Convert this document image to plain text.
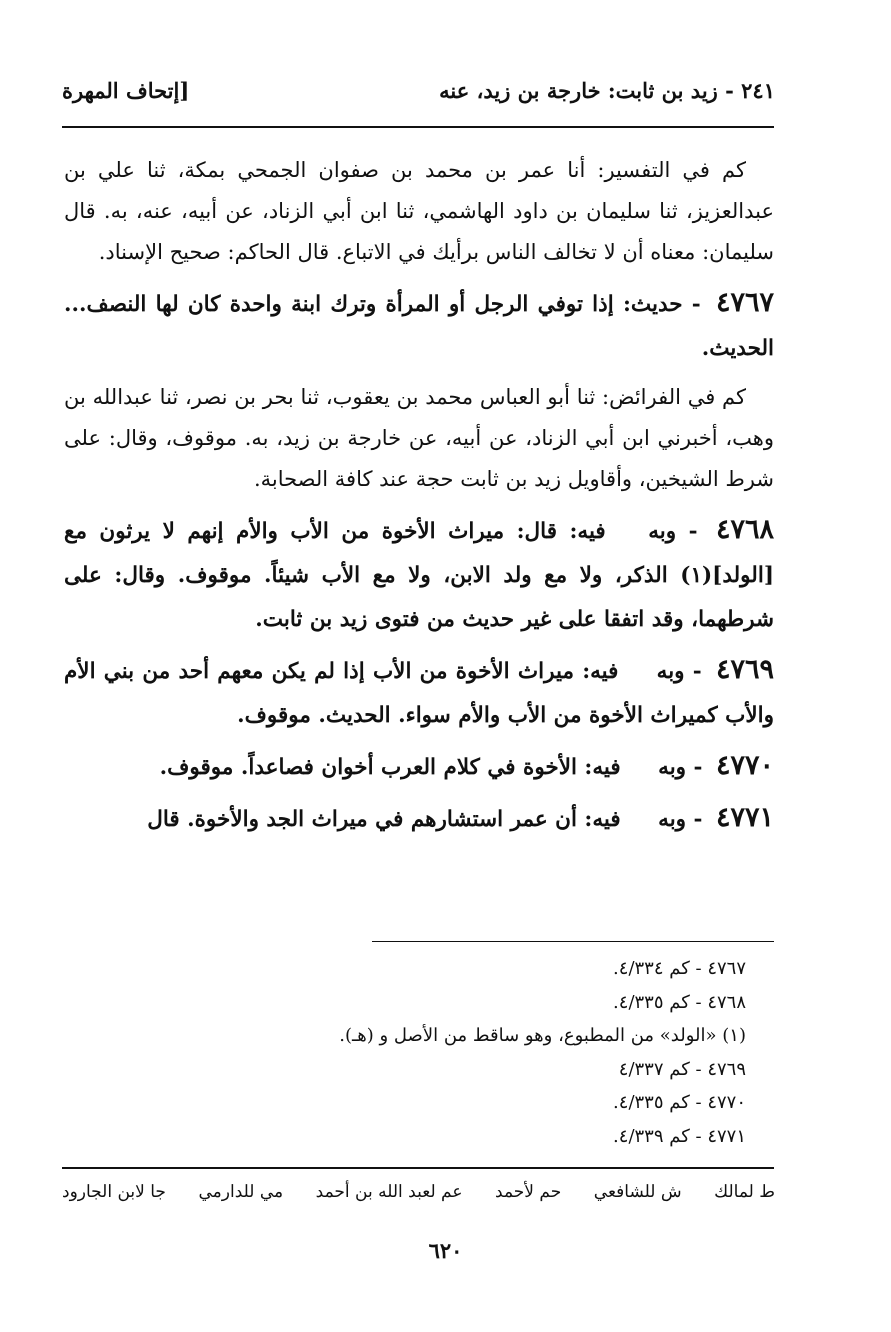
٢٤١ - زيد بن ثابت: خارجة بن زيد، عنه
[إتحاف المهرة

كم في التفسير: أنا عمر بن محمد بن صفوان الجمحي بمكة، ثنا علي بن عبدالعزيز، ثنا سليمان بن داود الهاشمي، ثنا ابن أبي الزناد، عن أبيه، عنه، به. قال سليمان: معناه أن لا تخالف الناس برأيك في الاتباع. قال الحاكم: صحيح الإسناد.

٤٧٦٧ - حديث: إذا توفي الرجل أو المرأة وترك ابنة واحدة كان لها النصف... الحديث.

كم في الفرائض: ثنا أبو العباس محمد بن يعقوب، ثنا بحر بن نصر، ثنا عبدالله بن وهب، أخبرني ابن أبي الزناد، عن أبيه، عن خارجة بن زيد، به. موقوف، وقال: على شرط الشيخين، وأقاويل زيد بن ثابت حجة عند كافة الصحابة.

٤٧٦٨ - وبه فيه: قال: ميراث الأخوة من الأب والأم إنهم لا يرثون مع [الولد](١) الذكر، ولا مع ولد الابن، ولا مع الأب شيئاً. موقوف. وقال: على شرطهما، وقد اتفقا على غير حديث من فتوى زيد بن ثابت.

٤٧٦٩ - وبه فيه: ميراث الأخوة من الأب إذا لم يكن معهم أحد من بني الأم والأب كميراث الأخوة من الأب والأم سواء. الحديث. موقوف.

٤٧٧٠ - وبه فيه: الأخوة في كلام العرب أخوان فصاعداً. موقوف.

٤٧٧١ - وبه فيه: أن عمر استشارهم في ميراث الجد والأخوة. قال

٤٧٦٧ - كم ٤/٣٣٤.
٤٧٦٨ - كم ٤/٣٣٥.
(١) «الولد» من المطبوع، وهو ساقط من الأصل و (هـ).
٤٧٦٩ - كم ٤/٣٣٧
٤٧٧٠ - كم ٤/٣٣٥.
٤٧٧١ - كم ٤/٣٣٩.
ط لمالك
ش للشافعي
حم لأحمد
عم لعبد الله بن أحمد
مي للدارمي
جا لابن الجارود
٦٢٠
